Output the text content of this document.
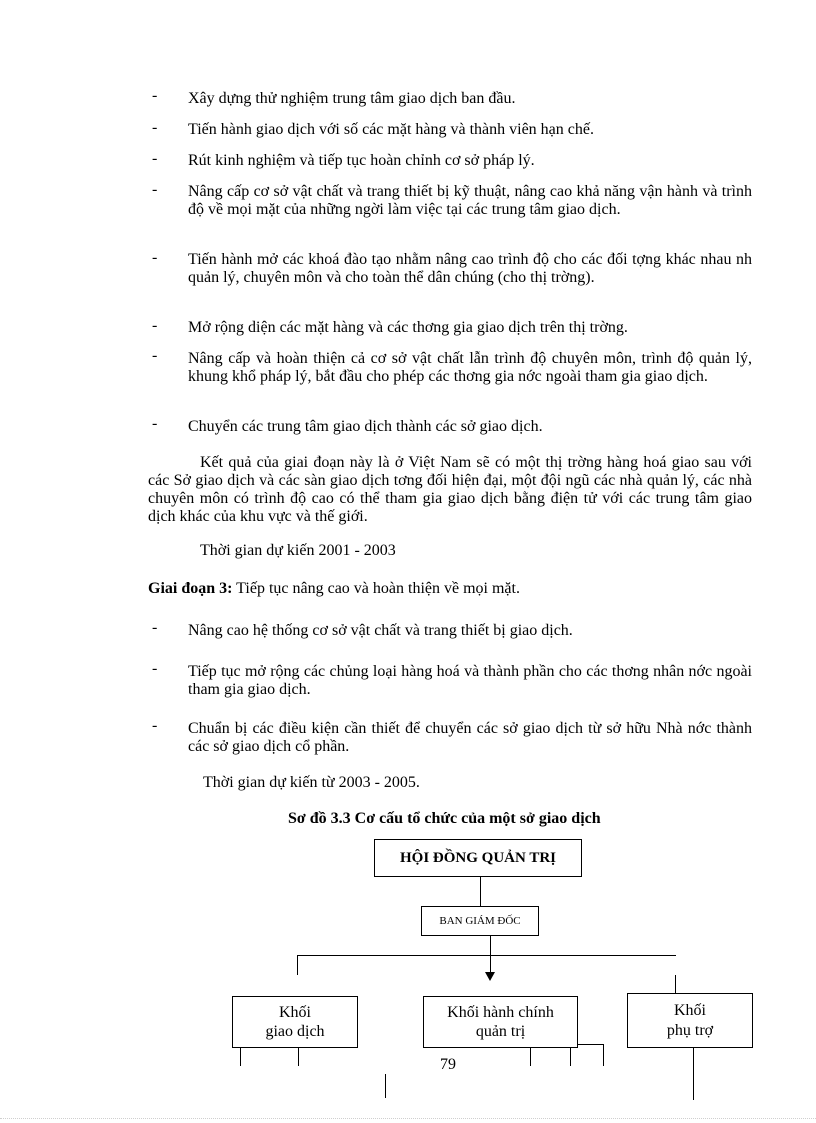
- Xây dựng thử nghiệm trung tâm giao dịch ban đầu.
- Tiến hành giao dịch với số các mặt hàng và thành viên hạn chế.
- Rút kinh nghiệm và tiếp tục hoàn chỉnh cơ sở pháp lý.
- Nâng cấp cơ sở vật chất và trang thiết bị kỹ thuật, nâng cao khả năng vận hành và trình độ về mọi mặt của những ngời làm việc tại các trung tâm giao dịch.
- Tiến hành mở các khoá đào tạo nhằm nâng cao trình độ cho các đối tợng khác nhau nh quản lý, chuyên môn và cho toàn thể dân chúng (cho thị trờng).
- Mở rộng diện các mặt hàng và các thơng gia giao dịch trên thị trờng.
- Nâng cấp và hoàn thiện cả cơ sở vật chất lẫn trình độ chuyên môn, trình độ quản lý, khung khổ pháp lý, bắt đầu cho phép các thơng gia nớc ngoài tham gia giao dịch.
- Chuyển các trung tâm giao dịch thành các sở giao dịch.
Kết quả của giai đoạn này là ở Việt Nam sẽ có một thị trờng hàng hoá giao sau với các Sở giao dịch và các sàn giao dịch tơng đối hiện đại, một đội ngũ các nhà quản lý, các nhà chuyên môn có trình độ cao có thể tham gia giao dịch bằng điện tử với các trung tâm giao dịch khác của khu vực và thế giới.
Thời gian dự kiến 2001 - 2003
Giai đoạn 3: Tiếp tục nâng cao và hoàn thiện về mọi mặt.
- Nâng cao hệ thống cơ sở vật chất và trang thiết bị giao dịch.
- Tiếp tục mở rộng các chủng loại hàng hoá và thành phần cho các thơng nhân nớc ngoài tham gia giao dịch.
- Chuẩn bị các điều kiện cần thiết để chuyển các sở giao dịch từ sở hữu Nhà nớc thành các sở giao dịch cổ phần.
Thời gian dự kiến từ 2003 - 2005.
Sơ đồ 3.3 Cơ cấu tổ chức của một sở giao dịch
HỘI ĐỒNG QUẢN TRỊ
BAN GIÁM ĐỐC
Khối
giao dịch
Khối hành chính
quản trị
Khối
phụ trợ
79
